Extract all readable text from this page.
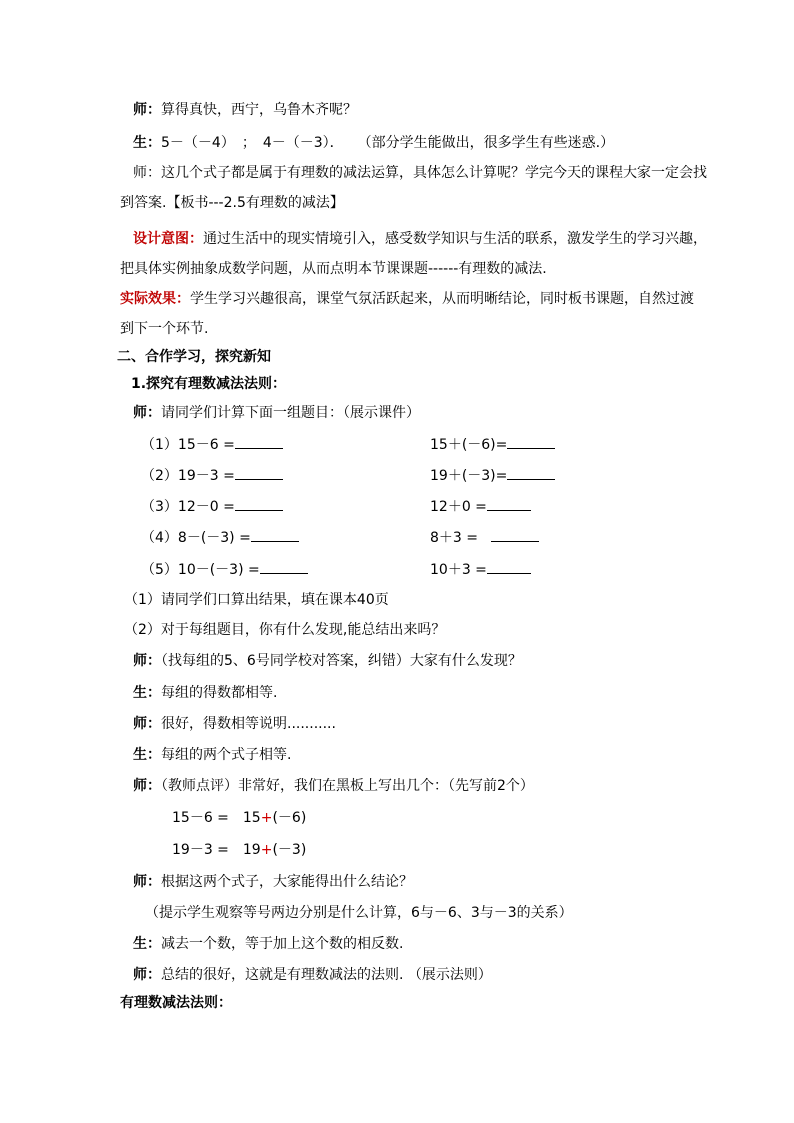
师：算得真快，西宁，乌鲁木齐呢？
生：5－（－4）　；　4－（－3）．　　（部分学生能做出，很多学生有些迷惑.）
师：这几个式子都是属于有理数的减法运算，具体怎么计算呢？学完今天的课程大家一定会找
到答案.【板书---2.5有理数的减法】
设计意图：通过生活中的现实情境引入，感受数学知识与生活的联系，激发学生的学习兴趣，
把具体实例抽象成数学问题，从而点明本节课课题------有理数的减法.
实际效果：学生学习兴趣很高，课堂气氛活跃起来，从而明晰结论，同时板书课题，自然过渡
到下一个环节.
二、合作学习，探究新知
1.探究有理数减法法则：
师：请同学们计算下面一组题目：（展示课件）
（1）15－6 =	15＋(－6)=
（2）19－3 =	19＋(－3)=
（3）12－0 =	12＋0 =
（4）8－(－3) =	8＋3 =
（5）10－(－3) =	10＋3 =
（1）请同学们口算出结果，填在课本40页
（2）对于每组题目，你有什么发现,能总结出来吗？
师：（找每组的5、6号同学校对答案，纠错）大家有什么发现？
生：每组的得数都相等.
师：很好，得数相等说明...........
生：每组的两个式子相等.
师：（教师点评）非常好，我们在黑板上写出几个：（先写前2个）
15－6 =　15+(－6)
19－3 =　19+(－3)
师：根据这两个式子，大家能得出什么结论？
（提示学生观察等号两边分别是什么计算，6与－6、3与－3的关系）
生：减去一个数，等于加上这个数的相反数.
师：总结的很好，这就是有理数减法的法则. （展示法则）
有理数减法法则：
